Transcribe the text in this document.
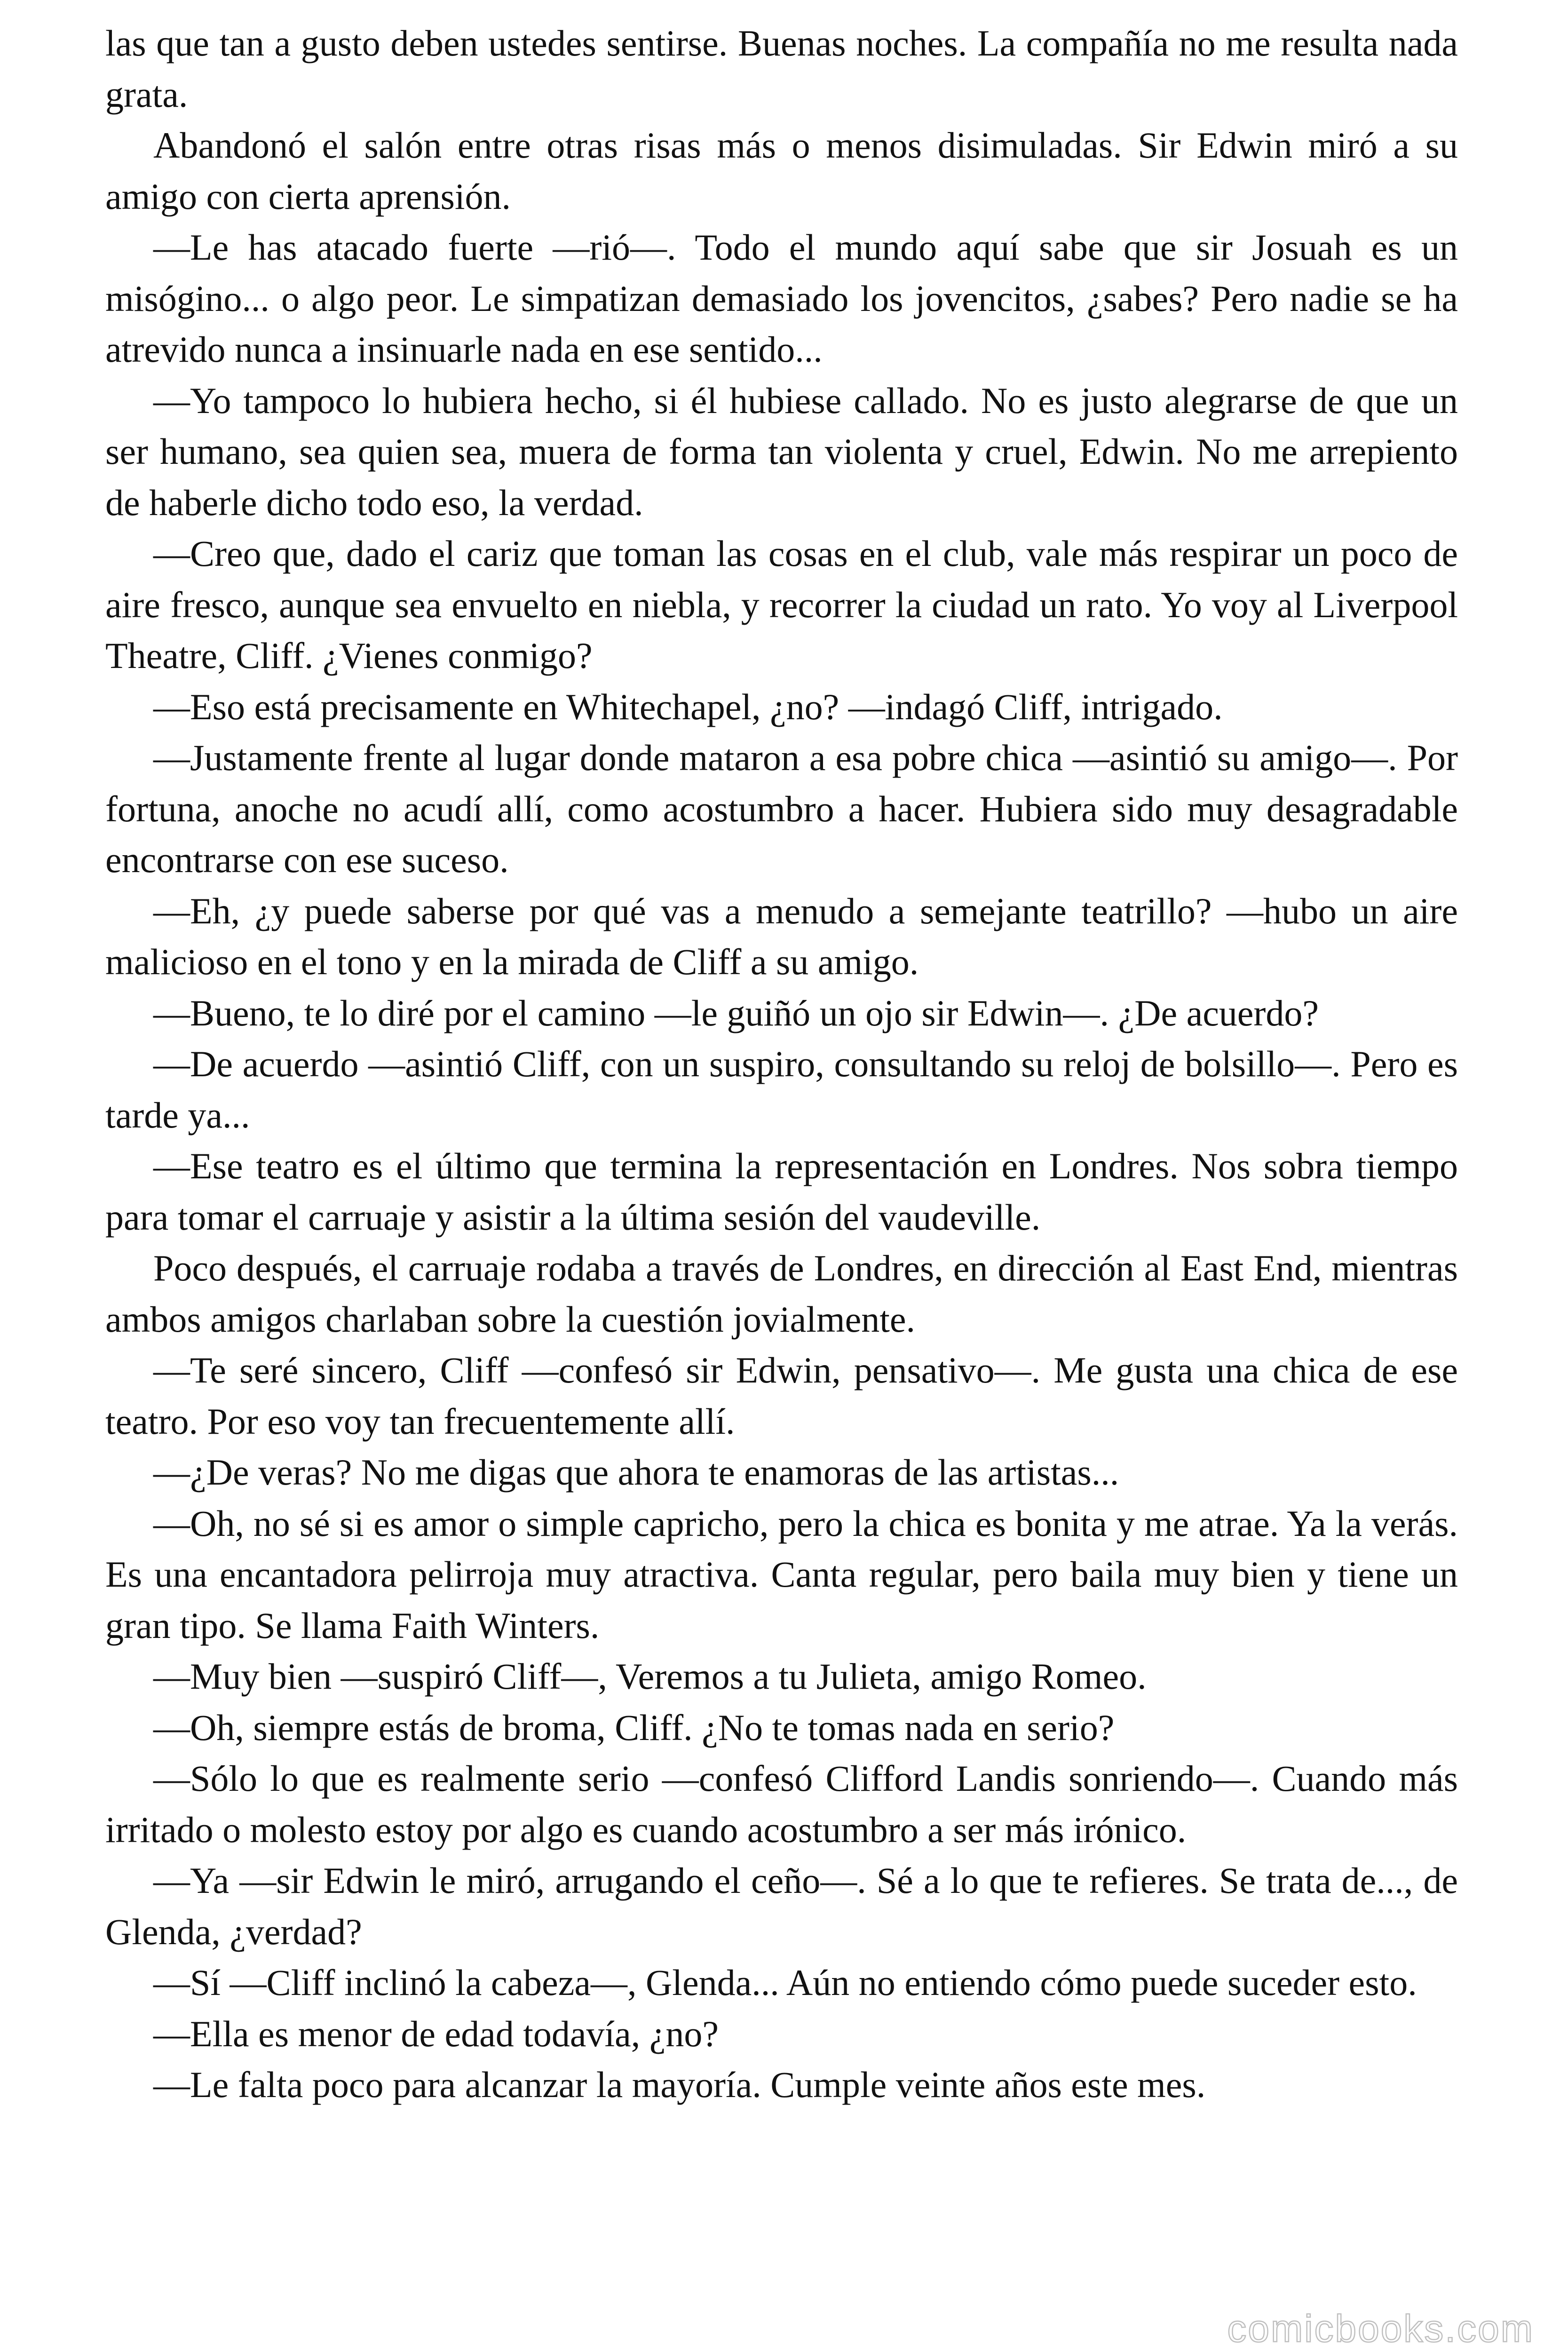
las que tan a gusto deben ustedes sentirse. Buenas noches. La compañía no me resulta nada grata.

Abandonó el salón entre otras risas más o menos disimuladas. Sir Edwin miró a su amigo con cierta aprensión.

—Le has atacado fuerte —rió—. Todo el mundo aquí sabe que sir Josuah es un misógino... o algo peor. Le simpatizan demasiado los jovencitos, ¿sabes? Pero nadie se ha atrevido nunca a insinuarle nada en ese sentido...

—Yo tampoco lo hubiera hecho, si él hubiese callado. No es justo alegrarse de que un ser humano, sea quien sea, muera de forma tan violenta y cruel, Edwin. No me arrepiento de haberle dicho todo eso, la verdad.

—Creo que, dado el cariz que toman las cosas en el club, vale más respirar un poco de aire fresco, aunque sea envuelto en niebla, y recorrer la ciudad un rato. Yo voy al Liverpool Theatre, Cliff. ¿Vienes conmigo?

—Eso está precisamente en Whitechapel, ¿no? —indagó Cliff, intrigado.

—Justamente frente al lugar donde mataron a esa pobre chica —asintió su amigo—. Por fortuna, anoche no acudí allí, como acostumbro a hacer. Hubiera sido muy desagradable encontrarse con ese suceso.

—Eh, ¿y puede saberse por qué vas a menudo a semejante teatrillo? —hubo un aire malicioso en el tono y en la mirada de Cliff a su amigo.

—Bueno, te lo diré por el camino —le guiñó un ojo sir Edwin—. ¿De acuerdo?

—De acuerdo —asintió Cliff, con un suspiro, consultando su reloj de bolsillo—. Pero es tarde ya...

—Ese teatro es el último que termina la representación en Londres. Nos sobra tiempo para tomar el carruaje y asistir a la última sesión del vaudeville.

Poco después, el carruaje rodaba a través de Londres, en dirección al East End, mientras ambos amigos charlaban sobre la cuestión jovialmente.

—Te seré sincero, Cliff —confesó sir Edwin, pensativo—. Me gusta una chica de ese teatro. Por eso voy tan frecuentemente allí.

—¿De veras? No me digas que ahora te enamoras de las artistas...

—Oh, no sé si es amor o simple capricho, pero la chica es bonita y me atrae. Ya la verás. Es una encantadora pelirroja muy atractiva. Canta regular, pero baila muy bien y tiene un gran tipo. Se llama Faith Winters.

—Muy bien —suspiró Cliff—, Veremos a tu Julieta, amigo Romeo.

—Oh, siempre estás de broma, Cliff. ¿No te tomas nada en serio?

—Sólo lo que es realmente serio —confesó Clifford Landis sonriendo—. Cuando más irritado o molesto estoy por algo es cuando acostumbro a ser más irónico.

—Ya —sir Edwin le miró, arrugando el ceño—. Sé a lo que te refieres. Se trata de..., de Glenda, ¿verdad?

—Sí —Cliff inclinó la cabeza—, Glenda... Aún no entiendo cómo puede suceder esto.

—Ella es menor de edad todavía, ¿no?

—Le falta poco para alcanzar la mayoría. Cumple veinte años este mes.

comicbooks.com
